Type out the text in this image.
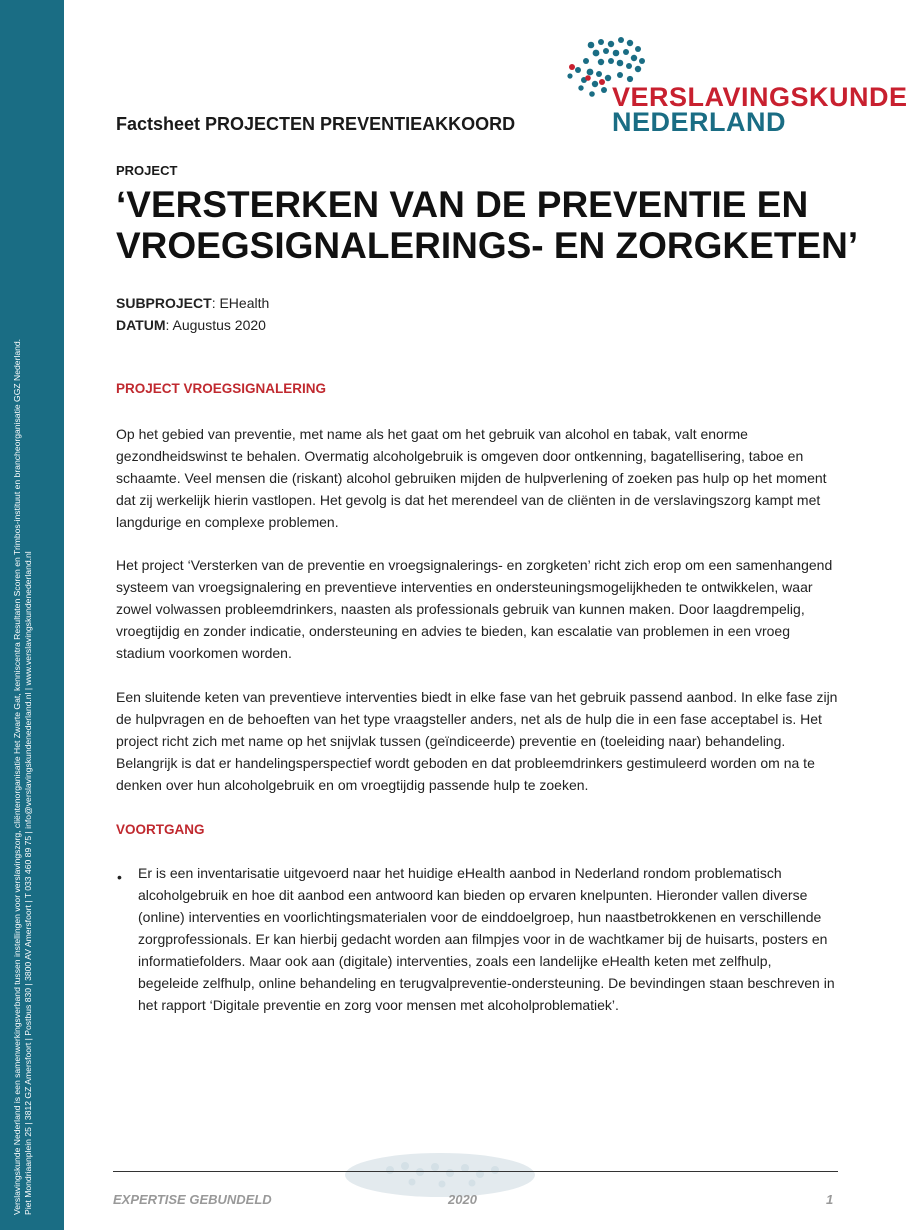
Verslavingskunde Nederland is een samenwerkingsverband tussen instellingen voor verslavingszorg, cliëntenorganisatie Het Zwarte Gat, kenniscentra Resultaten Scoren en Trimbos-instituut en brancheorganisatie GGZ Nederland. Piet Mondriaanplein 25 | 3812 GZ Amersfoort | Postbus 830 | 3800 AV Amersfoort | T 033 460 89 75 | info@verslavingskundenederland.nl | www.verslavingskundenederland.nl
VERSLAVINGSKUNDE
NEDERLAND
Factsheet PROJECTEN PREVENTIEAKKOORD
PROJECT
‘VERSTERKEN VAN DE PREVENTIE EN
VROEGSIGNALERINGS- EN ZORGKETEN’
SUBPROJECT: EHealth
DATUM: Augustus 2020
PROJECT VROEGSIGNALERING
Op het gebied van preventie, met name als het gaat om het gebruik van alcohol en tabak, valt enorme
gezondheidswinst te behalen. Overmatig alcoholgebruik is omgeven door ontkenning, bagatellisering, taboe en
schaamte. Veel mensen die (riskant) alcohol gebruiken mijden de hulpverlening of zoeken pas hulp op het moment
dat zij werkelijk hierin vastlopen. Het gevolg is dat het merendeel van de cliënten in de verslavingszorg kampt met
langdurige en complexe problemen.
Het project ‘Versterken van de preventie en vroegsignalerings- en zorgketen’ richt zich erop om een samenhangend
systeem van vroegsignalering en preventieve interventies en ondersteuningsmogelijkheden te ontwikkelen, waar
zowel volwassen probleemdrinkers, naasten als professionals gebruik van kunnen maken. Door laagdrempelig,
vroegtijdig en zonder indicatie, ondersteuning en advies te bieden, kan escalatie van problemen in een vroeg
stadium voorkomen worden.
Een sluitende keten van preventieve interventies biedt in elke fase van het gebruik passend aanbod. In elke fase zijn
de hulpvragen en de behoeften van het type vraagsteller anders, net als de hulp die in een fase acceptabel is. Het
project richt zich met name op het snijvlak tussen (geïndiceerde) preventie en (toeleiding naar) behandeling.
Belangrijk is dat er handelingsperspectief wordt geboden en dat probleemdrinkers gestimuleerd worden om na te
denken over hun alcoholgebruik en om vroegtijdig passende hulp te zoeken.
VOORTGANG
• Er is een inventarisatie uitgevoerd naar het huidige eHealth aanbod in Nederland rondom problematisch
alcoholgebruik en hoe dit aanbod een antwoord kan bieden op ervaren knelpunten. Hieronder vallen diverse
(online) interventies en voorlichtingsmaterialen voor de einddoelgroep, hun naastbetrokkenen en verschillende
zorgprofessionals. Er kan hierbij gedacht worden aan filmpjes voor in de wachtkamer bij de huisarts, posters en
informatiefolders. Maar ook aan (digitale) interventies, zoals een landelijke eHealth keten met zelfhulp,
begeleide zelfhulp, online behandeling en terugvalpreventie-ondersteuning. De bevindingen staan beschreven in
het rapport ‘Digitale preventie en zorg voor mensen met alcoholproblematiek’.
EXPERTISE GEBUNDELD	2020	1
